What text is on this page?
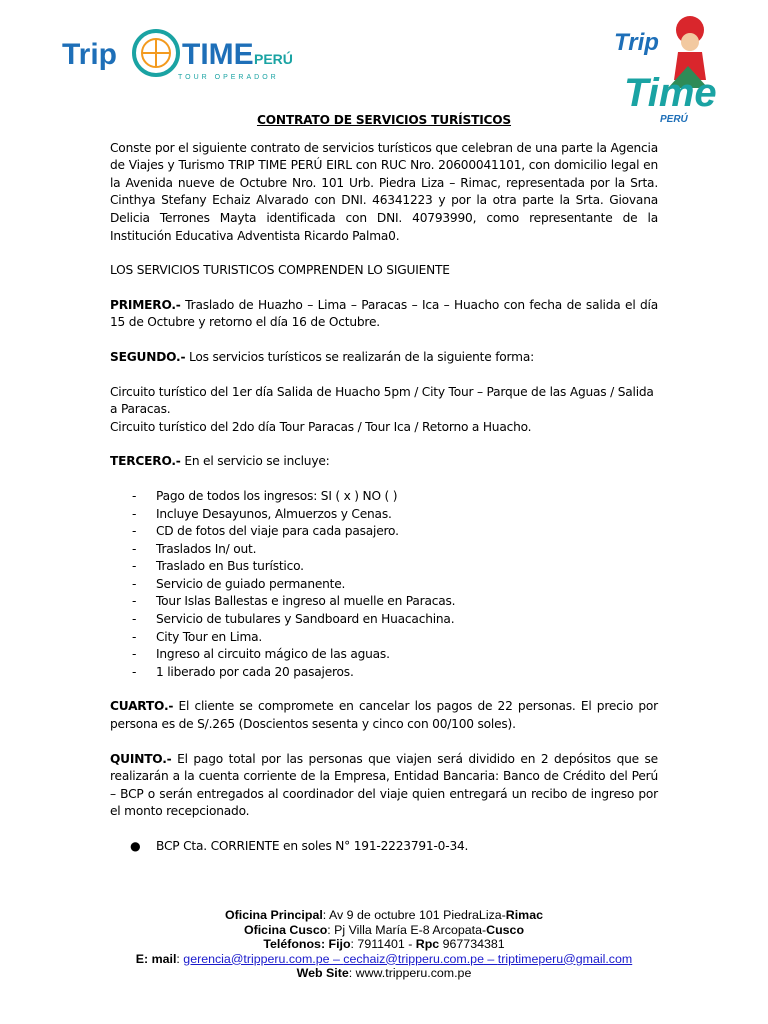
Trip TIME PERÚ
TOUR OPERADOR
Trip
Time
PERÚ
CONTRATO DE SERVICIOS TURÍSTICOS

Conste por el siguiente contrato de servicios turísticos que celebran de una parte la Agencia de Viajes y Turismo TRIP TIME PERÚ EIRL con RUC Nro. 20600041101, con domicilio legal en la Avenida nueve de Octubre Nro. 101 Urb. Piedra Liza – Rimac, representada por la Srta. Cinthya Stefany Echaiz Alvarado con DNI. 46341223 y por la otra parte la Srta. Giovana Delicia Terrones Mayta identificada con DNI. 40793990, como representante de la Institución Educativa Adventista Ricardo Palma0.

LOS SERVICIOS TURISTICOS COMPRENDEN LO SIGUIENTE

PRIMERO.- Traslado de Huazho – Lima – Paracas – Ica – Huacho con fecha de salida el día 15 de Octubre y retorno el día 16 de Octubre.

SEGUNDO.- Los servicios turísticos se realizarán de la siguiente forma:

Circuito turístico del 1er día Salida de Huacho 5pm / City Tour – Parque de las Aguas / Salida a Paracas.

Circuito turístico del 2do día Tour Paracas / Tour Ica / Retorno a Huacho.

TERCERO.- En el servicio se incluye:

- Pago de todos los ingresos: SI ( x ) NO ( )
- Incluye Desayunos, Almuerzos y Cenas.
- CD de fotos del viaje para cada pasajero.
- Traslados In/ out.
- Traslado en Bus turístico.
- Servicio de guiado permanente.
- Tour Islas Ballestas e ingreso al muelle en Paracas.
- Servicio de tubulares y Sandboard en Huacachina.
- City Tour en Lima.
- Ingreso al circuito mágico de las aguas.
- 1 liberado por cada 20 pasajeros.

CUARTO.- El cliente se compromete en cancelar los pagos de 22 personas. El precio por persona es de S/.265 (Doscientos sesenta y cinco con 00/100 soles).

QUINTO.- El pago total por las personas que viajen será dividido en 2 depósitos que se realizarán a la cuenta corriente de la Empresa, Entidad Bancaria: Banco de Crédito del Perú – BCP o serán entregados al coordinador del viaje quien entregará un recibo de ingreso por el monto recepcionado.

● BCP Cta. CORRIENTE en soles N° 191-2223791-0-34.
Oficina Principal: Av 9 de octubre 101 PiedraLiza-Rimac
Oficina Cusco: Pj Villa María E-8 Arcopata-Cusco
Teléfonos: Fijo: 7911401 - Rpc 967734381
E: mail: gerencia@tripperu.com.pe – cechaiz@tripperu.com.pe – triptimeperu@gmail.com
Web Site: www.tripperu.com.pe
